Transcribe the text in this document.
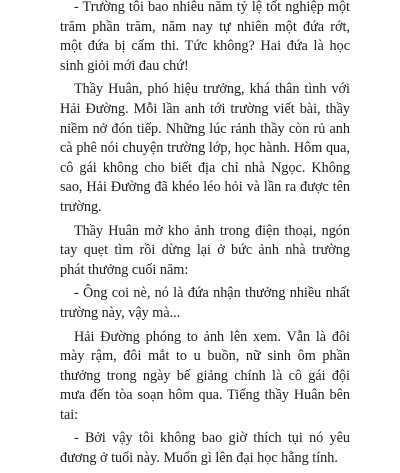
- Trường tôi bao nhiêu năm tỷ lệ tốt nghiệp một trăm phần trăm, năm nay tự nhiên một đứa rớt, một đứa bị cấm thi. Tức không? Hai đứa là học sinh giỏi mới đau chứ!

Thầy Huân, phó hiệu trưởng, khá thân tình với Hải Đường. Mỗi lần anh tới trường viết bài, thầy niềm nở đón tiếp. Những lúc rảnh thầy còn rủ anh cà phê nói chuyện trường lớp, học hành. Hôm qua, cô gái không cho biết địa chỉ nhà Ngọc. Không sao, Hải Đường đã khéo léo hỏi và lần ra được tên trường.

Thầy Huân mở kho ảnh trong điện thoại, ngón tay quẹt tìm rồi dừng lại ở bức ảnh nhà trường phát thưởng cuối năm:

- Ông coi nè, nó là đứa nhận thưởng nhiều nhất trường này, vậy mà...

Hải Đường phóng to ảnh lên xem. Vẫn là đôi mày rậm, đôi mắt to u buồn, nữ sinh ôm phần thưởng trong ngày bế giảng chính là cô gái đội mưa đến tòa soạn hôm qua. Tiếng thầy Huân bên tai:

- Bởi vậy tôi không bao giờ thích tụi nó yêu đương ở tuổi này. Muốn gì lên đại học hẵng tính.
